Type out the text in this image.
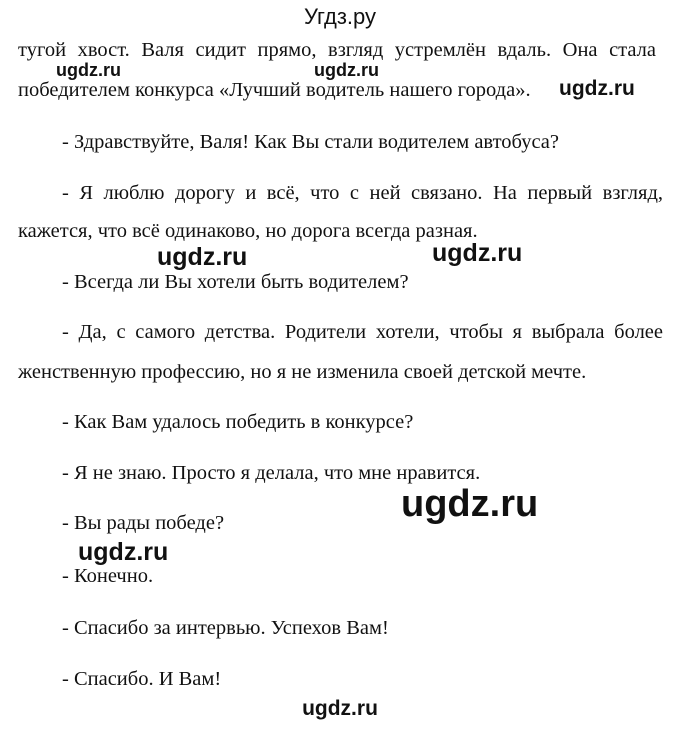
Угдз.ру
тугой хвост. Валя сидит прямо, взгляд устремлён вдаль. Она стала
победителем конкурса «Лучший водитель нашего города».
- Здравствуйте, Валя! Как Вы стали водителем автобуса?
- Я люблю дорогу и всё, что с ней связано. На первый взгляд,
кажется, что всё одинаково, но дорога всегда разная.
- Всегда ли Вы хотели быть водителем?
- Да, с самого детства. Родители хотели, чтобы я выбрала более
женственную профессию, но я не изменила своей детской мечте.
- Как Вам удалось победить в конкурсе?
- Я не знаю. Просто я делала, что мне нравится.
- Вы рады победе?
- Конечно.
- Спасибо за интервью. Успехов Вам!
- Спасибо. И Вам!
ugdz.ru	ugdz.ru
ugdz.ru
ugdz.ru	ugdz.ru
ugdz.ru
ugdz.ru
ugdz.ru
